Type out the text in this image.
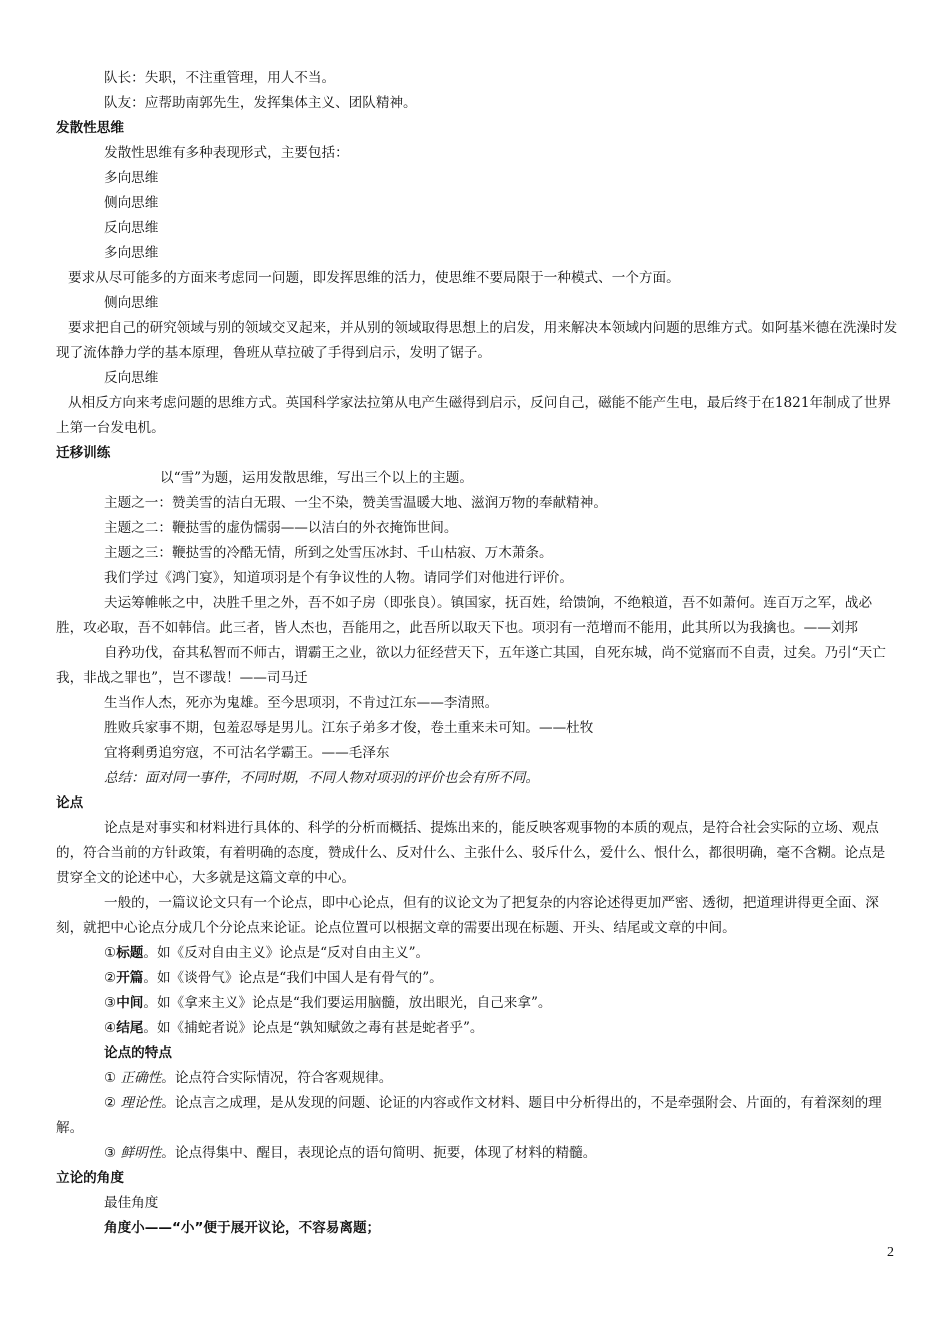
队长：失职，不注重管理，用人不当。

队友：应帮助南郭先生，发挥集体主义、团队精神。

发散性思维

发散性思维有多种表现形式，主要包括：

多向思维

侧向思维

反向思维

多向思维

要求从尽可能多的方面来考虑同一问题，即发挥思维的活力，使思维不要局限于一种模式、一个方面。

侧向思维

要求把自己的研究领域与别的领域交叉起来，并从别的领域取得思想上的启发，用来解决本领域内问题的思维方式。如阿基米德在洗澡时发现了流体静力学的基本原理，鲁班从草拉破了手得到启示，发明了锯子。

反向思维

从相反方向来考虑问题的思维方式。英国科学家法拉第从电产生磁得到启示，反问自己，磁能不能产生电，最后终于在1821年制成了世界上第一台发电机。

迁移训练

以“雪”为题，运用发散思维，写出三个以上的主题。

主题之一：赞美雪的洁白无瑕、一尘不染，赞美雪温暖大地、滋润万物的奉献精神。

主题之二：鞭挞雪的虚伪懦弱——以洁白的外衣掩饰世间。

主题之三：鞭挞雪的冷酷无情，所到之处雪压冰封、千山枯寂、万木萧条。

我们学过《鸿门宴》，知道项羽是个有争议性的人物。请同学们对他进行评价。

夫运筹帷帐之中，决胜千里之外，吾不如子房（即张良）。镇国家，抚百姓，给馈饷，不绝粮道，吾不如萧何。连百万之军，战必胜，攻必取，吾不如韩信。此三者，皆人杰也，吾能用之，此吾所以取天下也。项羽有一范增而不能用，此其所以为我擒也。——刘邦

自矜功伐，奋其私智而不师古，谓霸王之业，欲以力征经营天下，五年遂亡其国，自死东城，尚不觉寤而不自责，过矣。乃引“天亡我，非战之罪也”，岂不谬哉！——司马迁

生当作人杰，死亦为鬼雄。至今思项羽，不肯过江东——李清照。

胜败兵家事不期，包羞忍辱是男儿。江东子弟多才俊，卷土重来未可知。——杜牧

宜将剩勇追穷寇，不可沽名学霸王。——毛泽东

总结：面对同一事件，不同时期，不同人物对项羽的评价也会有所不同。

论点

论点是对事实和材料进行具体的、科学的分析而概括、提炼出来的，能反映客观事物的本质的观点，是符合社会实际的立场、观点的，符合当前的方针政策，有着明确的态度，赞成什么、反对什么、主张什么、驳斥什么，爱什么、恨什么，都很明确，毫不含糊。论点是贯穿全文的论述中心，大多就是这篇文章的中心。

一般的，一篇议论文只有一个论点，即中心论点，但有的议论文为了把复杂的内容论述得更加严密、透彻，把道理讲得更全面、深刻，就把中心论点分成几个分论点来论证。论点位置可以根据文章的需要出现在标题、开头、结尾或文章的中间。

①标题。如《反对自由主义》论点是“反对自由主义”。

②开篇。如《谈骨气》论点是“我们中国人是有骨气的”。

③中间。如《拿来主义》论点是“我们要运用脑髓，放出眼光，自己来拿”。

④结尾。如《捕蛇者说》论点是“孰知赋敛之毒有甚是蛇者乎”。

论点的特点

① 正确性。论点符合实际情况，符合客观规律。

② 理论性。论点言之成理，是从发现的问题、论证的内容或作文材料、题目中分析得出的，不是牵强附会、片面的，有着深刻的理解。

③ 鲜明性。论点得集中、醒目，表现论点的语句简明、扼要，体现了材料的精髓。

立论的角度

最佳角度

角度小——“小”便于展开议论，不容易离题；

2
